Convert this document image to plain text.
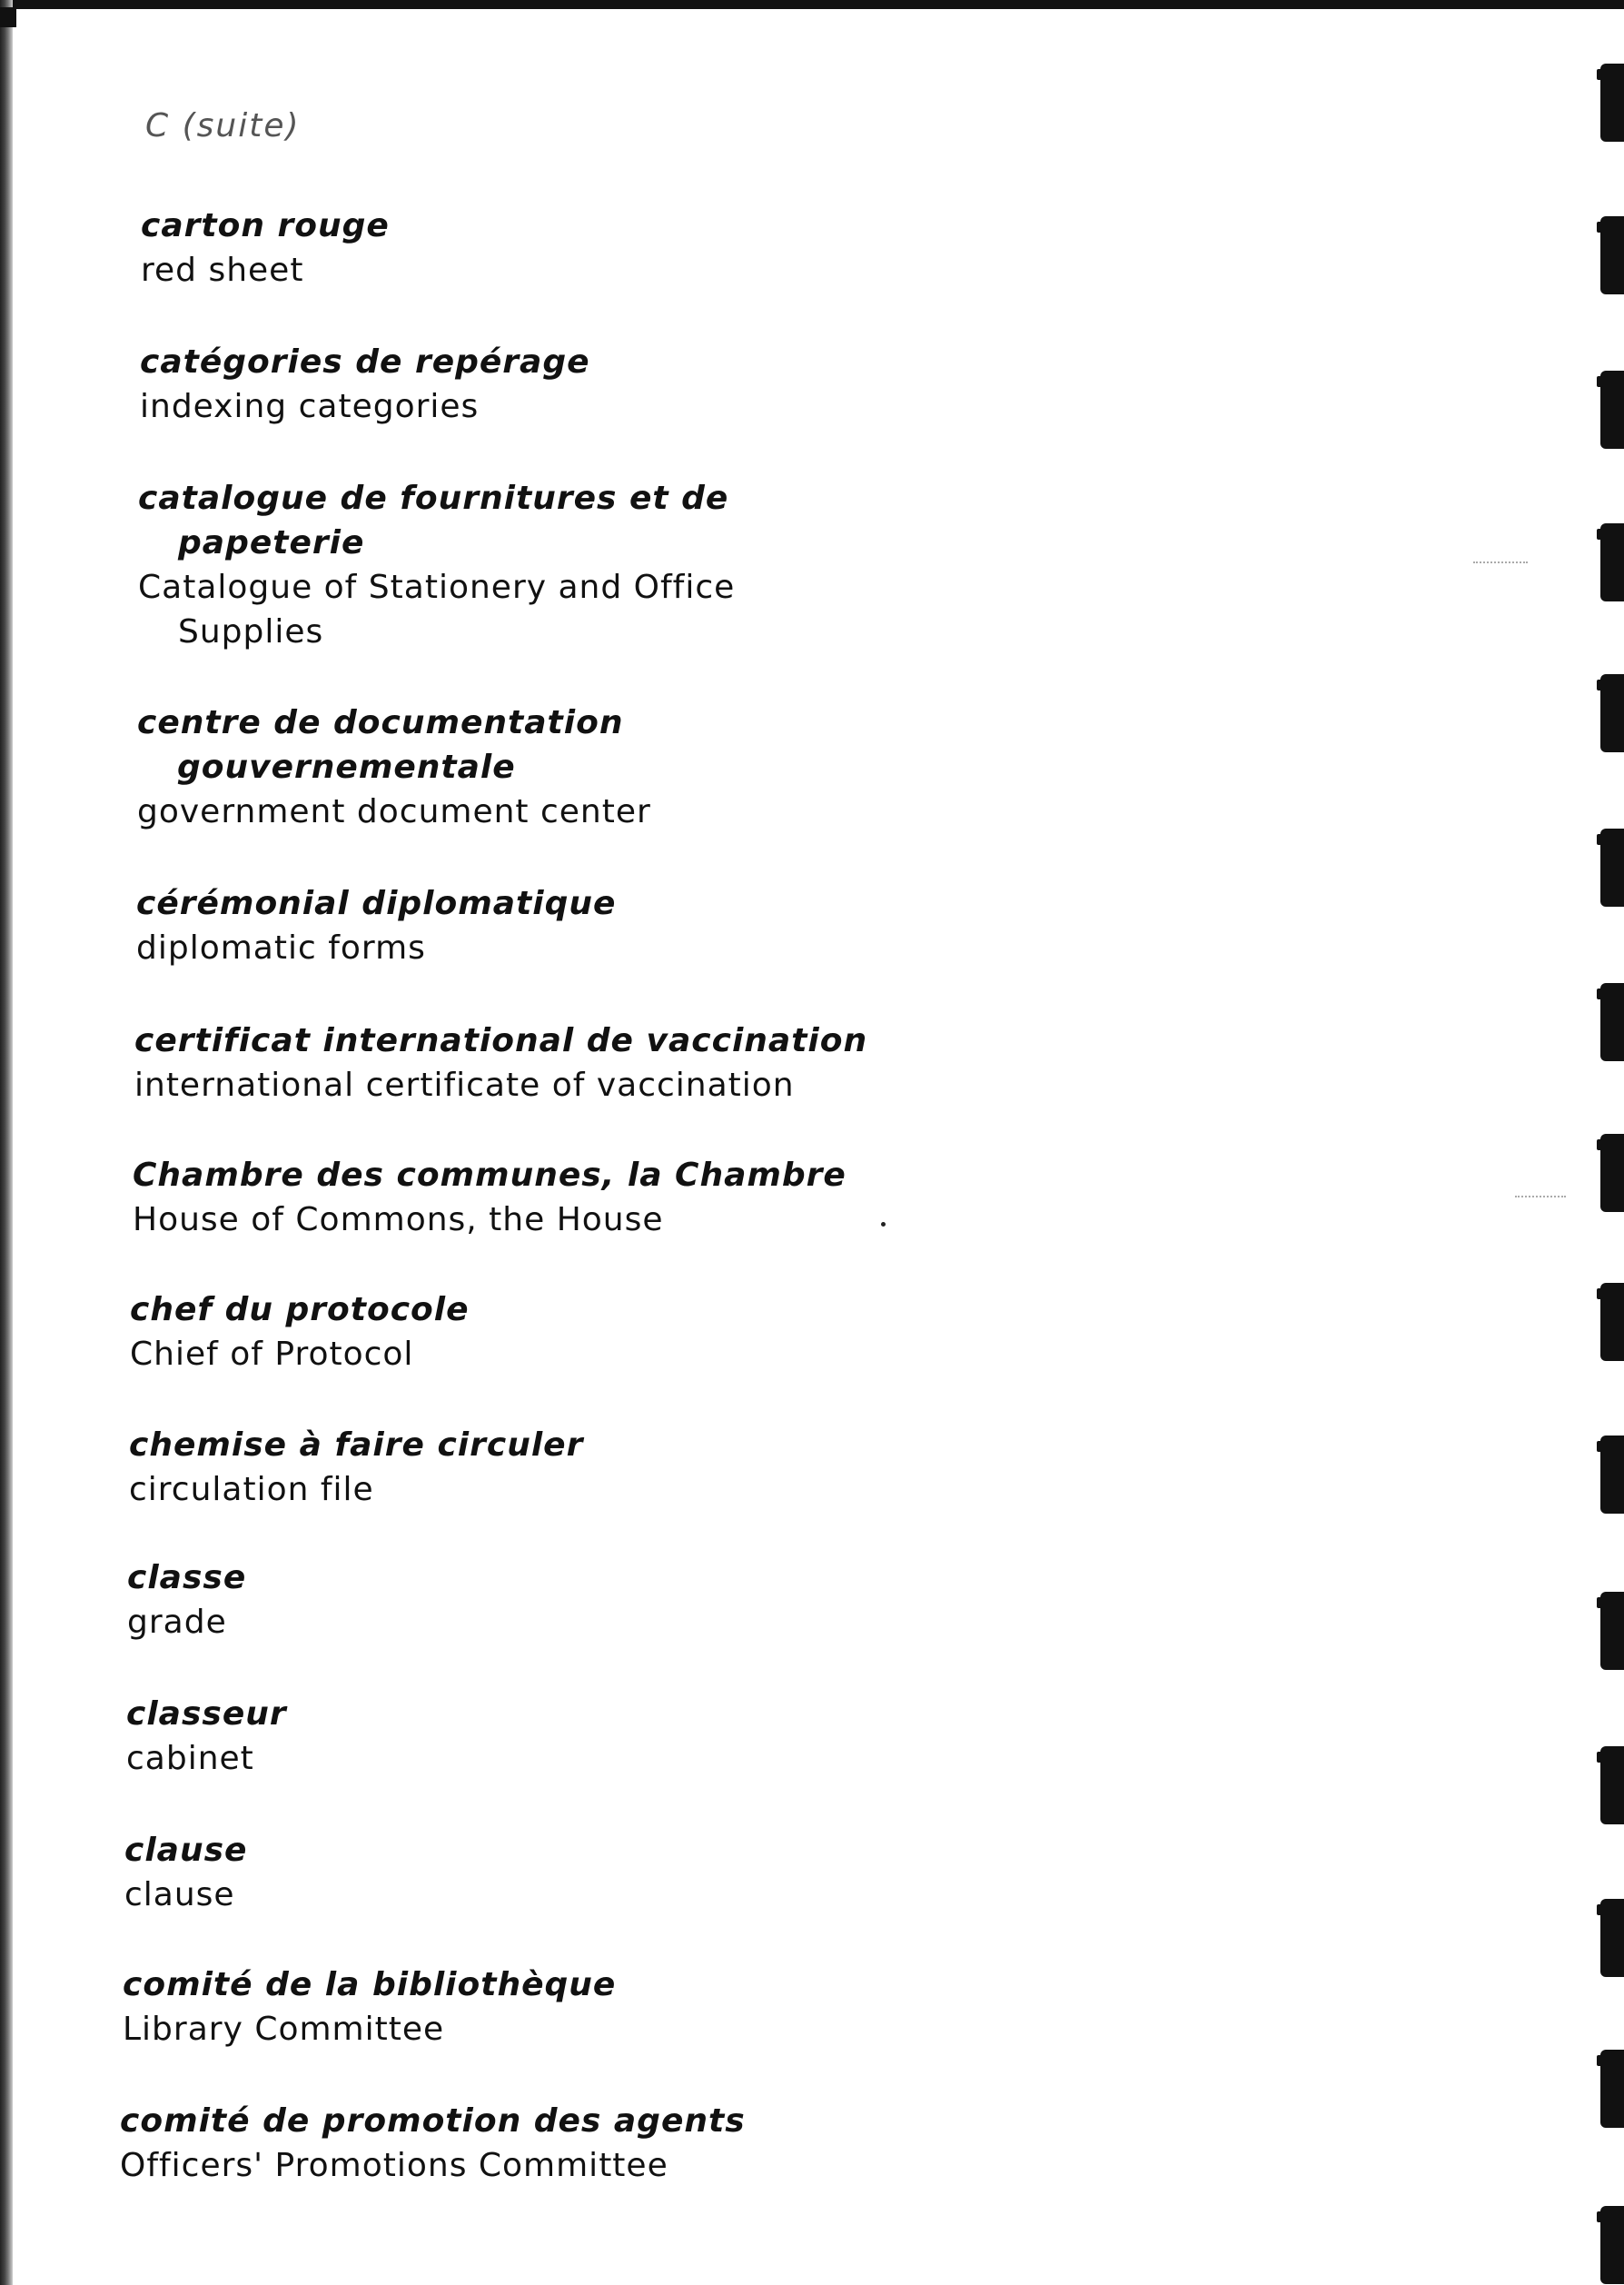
C (suite)
carton rouge
red sheet
catégories de repérage
indexing categories
catalogue de fournitures et de
papeterie
Catalogue of Stationery and Office
Supplies
centre de documentation
gouvernementale
government document center
cérémonial diplomatique
diplomatic forms
certificat international de vaccination
international certificate of vaccination
Chambre des communes, la Chambre
House of Commons, the House
chef du protocole
Chief of Protocol
chemise à faire circuler
circulation file
classe
grade
classeur
cabinet
clause
clause
comité de la bibliothèque
Library Committee
comité de promotion des agents
Officers' Promotions Committee
